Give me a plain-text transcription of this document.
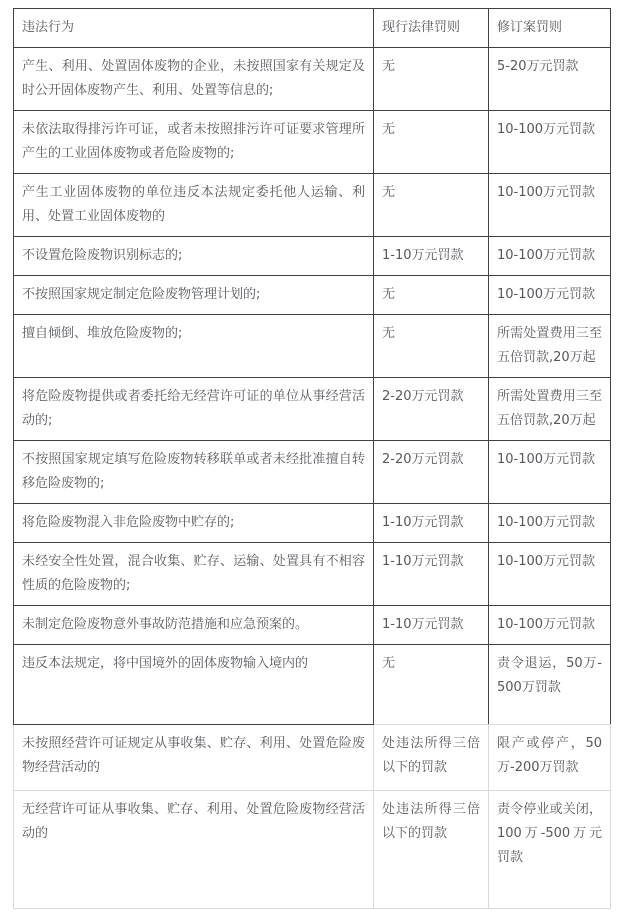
违法行为	现行法律罚则	修订案罚则
产生、利用、处置固体废物的企业，未按照国家有关规定及时公开固体废物产生、利用、处置等信息的;	无	5-20万元罚款
未依法取得排污许可证，或者未按照排污许可证要求管理所产生的工业固体废物或者危险废物的;	无	10-100万元罚款
产生工业固体废物的单位违反本法规定委托他人运输、利用、处置工业固体废物的	无	10-100万元罚款
不设置危险废物识别标志的;	1-10万元罚款	10-100万元罚款
不按照国家规定制定危险废物管理计划的;	无	10-100万元罚款
擅自倾倒、堆放危险废物的;	无	所需处置费用三至五倍罚款,20万起
将危险废物提供或者委托给无经营许可证的单位从事经营活动的;	2-20万元罚款	所需处置费用三至五倍罚款,20万起
不按照国家规定填写危险废物转移联单或者未经批准擅自转移危险废物的;	2-20万元罚款	10-100万元罚款
将危险废物混入非危险废物中贮存的;	1-10万元罚款	10-100万元罚款
未经安全性处置，混合收集、贮存、运输、处置具有不相容性质的危险废物的;	1-10万元罚款	10-100万元罚款
未制定危险废物意外事故防范措施和应急预案的。	1-10万元罚款	10-100万元罚款
违反本法规定，将中国境外的固体废物输入境内的	无	责令退运，50万-500万罚款
未按照经营许可证规定从事收集、贮存、利用、处置危险废物经营活动的	处违法所得三倍以下的罚款	限产或停产，50万-200万罚款
无经营许可证从事收集、贮存、利用、处置危险废物经营活动的	处违法所得三倍以下的罚款	责令停业或关闭，100万-500万元罚款
